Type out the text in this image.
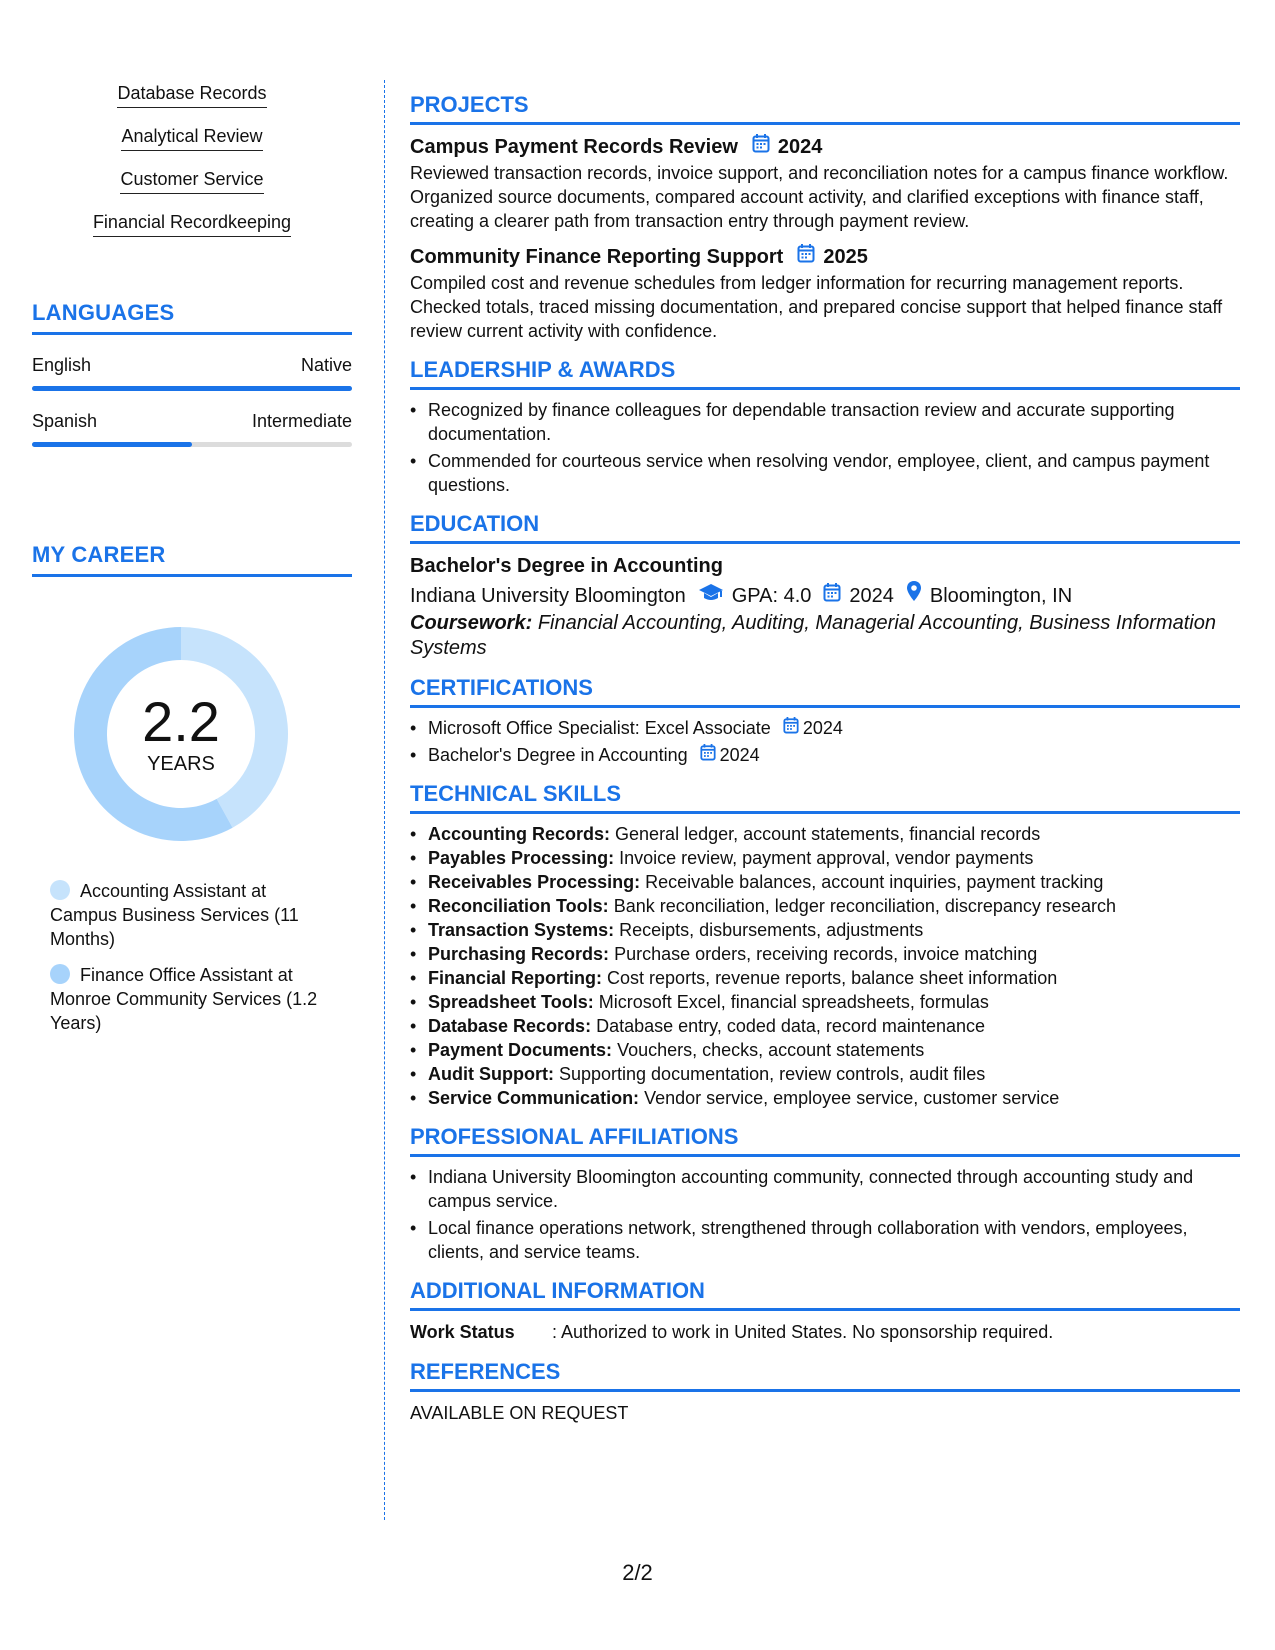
Database Records
Analytical Review
Customer Service
Financial Recordkeeping
LANGUAGES
English	Native
Spanish	Intermediate
MY CAREER
2.2
YEARS
Accounting Assistant at Campus Business Services (11 Months)
Finance Office Assistant at Monroe Community Services (1.2 Years)
PROJECTS
Campus Payment Records Review 2024
Reviewed transaction records, invoice support, and reconciliation notes for a campus finance workflow. Organized source documents, compared account activity, and clarified exceptions with finance staff, creating a clearer path from transaction entry through payment review.
Community Finance Reporting Support 2025
Compiled cost and revenue schedules from ledger information for recurring management reports. Checked totals, traced missing documentation, and prepared concise support that helped finance staff review current activity with confidence.
LEADERSHIP & AWARDS
• Recognized by finance colleagues for dependable transaction review and accurate supporting documentation.
• Commended for courteous service when resolving vendor, employee, client, and campus payment questions.
EDUCATION
Bachelor's Degree in Accounting
Indiana University Bloomington GPA: 4.0 2024 Bloomington, IN
Coursework: Financial Accounting, Auditing, Managerial Accounting, Business Information Systems
CERTIFICATIONS
• Microsoft Office Specialist: Excel Associate 2024
• Bachelor's Degree in Accounting 2024
TECHNICAL SKILLS
• Accounting Records: General ledger, account statements, financial records
• Payables Processing: Invoice review, payment approval, vendor payments
• Receivables Processing: Receivable balances, account inquiries, payment tracking
• Reconciliation Tools: Bank reconciliation, ledger reconciliation, discrepancy research
• Transaction Systems: Receipts, disbursements, adjustments
• Purchasing Records: Purchase orders, receiving records, invoice matching
• Financial Reporting: Cost reports, revenue reports, balance sheet information
• Spreadsheet Tools: Microsoft Excel, financial spreadsheets, formulas
• Database Records: Database entry, coded data, record maintenance
• Payment Documents: Vouchers, checks, account statements
• Audit Support: Supporting documentation, review controls, audit files
• Service Communication: Vendor service, employee service, customer service
PROFESSIONAL AFFILIATIONS
• Indiana University Bloomington accounting community, connected through accounting study and campus service.
• Local finance operations network, strengthened through collaboration with vendors, employees, clients, and service teams.
ADDITIONAL INFORMATION
Work Status	: Authorized to work in United States. No sponsorship required.
REFERENCES
AVAILABLE ON REQUEST
2/2
